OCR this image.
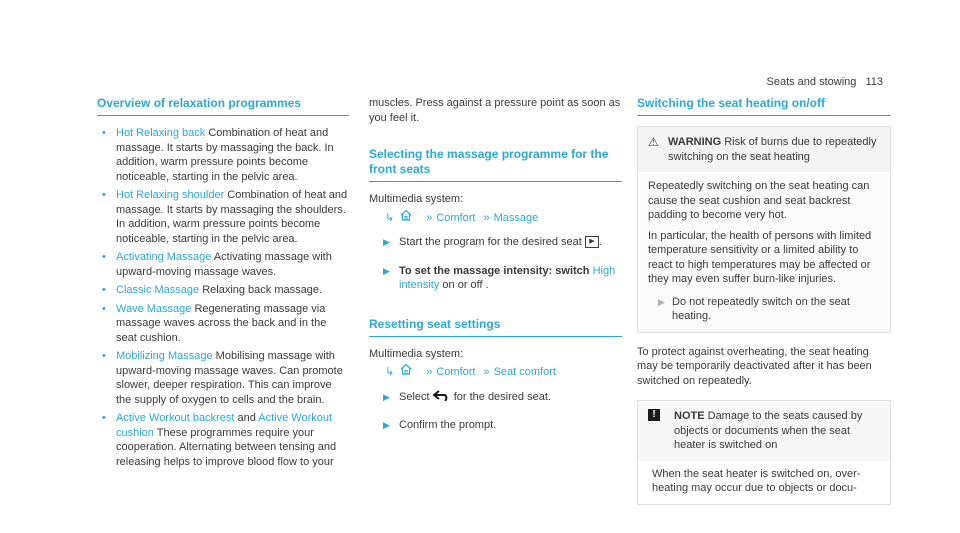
Seats and stowing 113
Overview of relaxation programmes
• Hot Relaxing back Combination of heat and massage. It starts by massaging the back. In addition, warm pressure points become noticeable, starting in the pelvic area.
• Hot Relaxing shoulder Combination of heat and massage. It starts by massaging the shoulders. In addition, warm pressure points become noticeable, starting in the pelvic area.
• Activating Massage Activating massage with upward-moving massage waves.
• Classic Massage Relaxing back massage.
• Wave Massage Regenerating massage via massage waves across the back and in the seat cushion.
• Mobilizing Massage Mobilising massage with upward-moving massage waves. Can promote slower, deeper respiration. This can improve the supply of oxygen to cells and the brain.
• Active Workout backrest and Active Workout cushion These programmes require your cooperation. Alternating between tensing and releasing helps to improve blood flow to your

muscles. Press against a pressure point as soon as you feel it.

Selecting the massage programme for the front seats

Multimedia system:

↳	» Comfort » Massage
▶ Start the program for the desired seat ▶ .
▶ To set the massage intensity: switch High intensity on or off .
Resetting seat settings

Multimedia system:

↳	» Comfort » Seat comfort
▶ Select for the desired seat.
▶ Confirm the prompt.
Switching the seat heating on/off
⚠ WARNING Risk of burns due to repeatedly switching on the seat heating

Repeatedly switching on the seat heating can cause the seat cushion and seat backrest padding to become very hot.

In particular, the health of persons with limited temperature sensitivity or a limited ability to react to high temperatures may be affected or they may even suffer burn-like injuries.

▶ Do not repeatedly switch on the seat heating.

To protect against overheating, the seat heating may be temporarily deactivated after it has been switched on repeatedly.

!	NOTE Damage to the seats caused by objects or documents when the seat heater is switched on

When the seat heater is switched on, over-heating may occur due to objects or docu-
